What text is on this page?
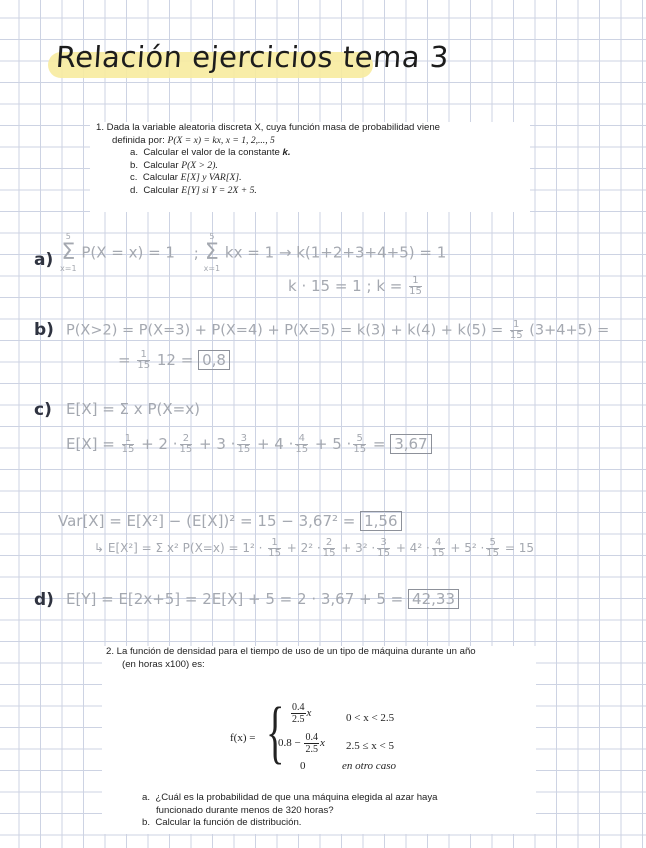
Relación ejercicios tema 3
1. Dada la variable aleatoria discreta X, cuya función masa de probabilidad viene
definida por: P(X = x) = kx, x = 1, 2,..., 5
a. Calcular el valor de la constante k.
b. Calcular P(X > 2).
c. Calcular E[X] y VAR[X].
d. Calcular E[Y] si Y = 2X + 5.
a)
5
Σ
x=1
P(X = x) = 1 ;
5
Σ
x=1
kx = 1 → k(1+2+3+4+5) = 1
k · 15 = 1 ; $k = \frac{1}{15}$
b) $P(X>2) = P(X=3) + P(X=4) + P(X=5) = k(3) + k(4) + k(5) = \frac{1}{15} (3+4+5)$ =
= $\frac{1}{15} 12 = 0,8$
c) E[X] = Σ x P(X=x)
$E[X] = \frac{1}{15} + 2 \cdot \frac{2}{15} + 3 \cdot \frac{3}{15} + 4 \cdot \frac{4}{15} + 5 \cdot \frac{5}{15} = 3,67$
Var[X] = E[X²] − (E[X])² = 15 − 3,67² = 1,56
↳ E[X²] = Σ x² $P(X=x) = 1^2 \cdot \frac{1}{15} + 2^2 \cdot \frac{2}{15} + 3^2 \cdot \frac{3}{15} + 4^2 \cdot \frac{4}{15} + 5^2 \cdot \frac{5}{15} = 15$
d) E[Y] = E[2x+5] = 2E[X] + 5 = 2 · 3,67 + 5 = 42,33
2. La función de densidad para el tiempo de uso de un tipo de máquina durante un año
(en horas x100) es:
f(x) = { $\frac{0.4}{2.5}$ x	0 < x < 2.5
$0.8 - \frac{0.4}{2.5}$ x 2.5 ≤ x < 5
0	en otro caso
a. ¿Cuál es la probabilidad de que una máquina elegida al azar haya
funcionado durante menos de 320 horas?
b. Calcular la función de distribución.
